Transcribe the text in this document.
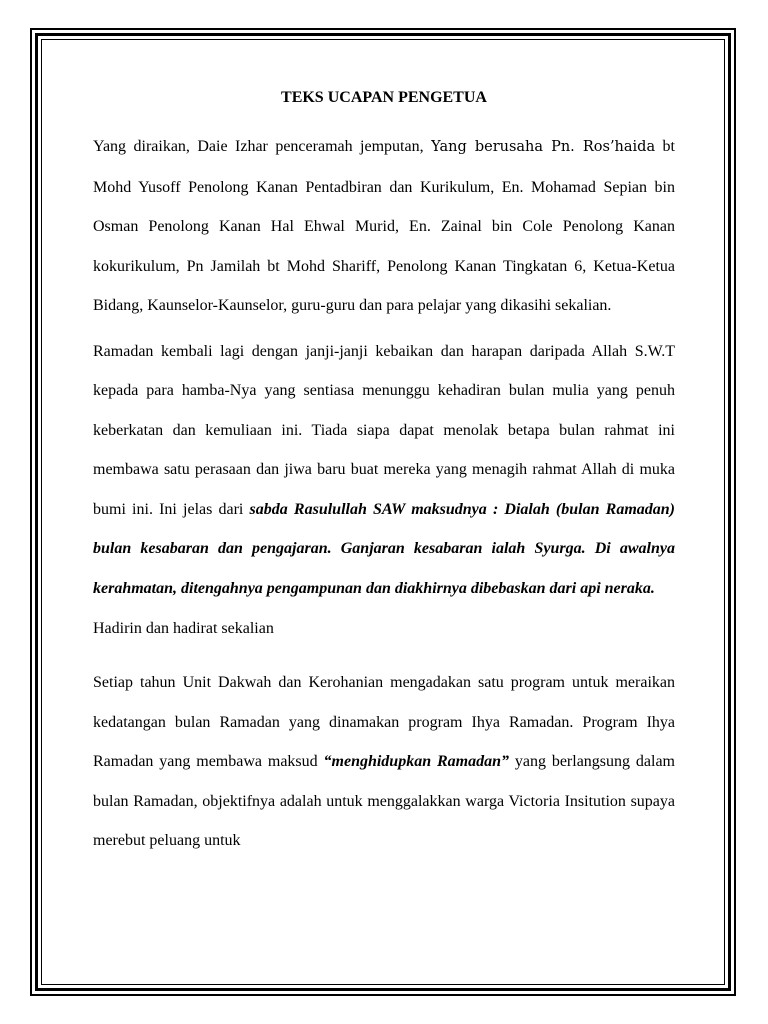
TEKS UCAPAN PENGETUA

Yang diraikan, Daie Izhar penceramah jemputan, Yang berusaha Pn. Ros’haida bt Mohd Yusoff Penolong Kanan Pentadbiran dan Kurikulum, En. Mohamad Sepian bin Osman Penolong Kanan Hal Ehwal Murid, En. Zainal bin Cole Penolong Kanan kokurikulum, Pn Jamilah bt Mohd Shariff, Penolong Kanan Tingkatan 6, Ketua-Ketua Bidang, Kaunselor-Kaunselor, guru-guru dan para pelajar yang dikasihi sekalian.

Ramadan kembali lagi dengan janji-janji kebaikan dan harapan daripada Allah S.W.T kepada para hamba-Nya yang sentiasa menunggu kehadiran bulan mulia yang penuh keberkatan dan kemuliaan ini. Tiada siapa dapat menolak betapa bulan rahmat ini membawa satu perasaan dan jiwa baru buat mereka yang menagih rahmat Allah di muka bumi ini. Ini jelas dari sabda Rasulullah SAW maksudnya : Dialah (bulan Ramadan) bulan kesabaran dan pengajaran. Ganjaran kesabaran ialah Syurga. Di awalnya kerahmatan, ditengahnya pengampunan dan diakhirnya dibebaskan dari api neraka.

Hadirin dan hadirat sekalian

Setiap tahun Unit Dakwah dan Kerohanian mengadakan satu program untuk meraikan kedatangan bulan Ramadan yang dinamakan program Ihya Ramadan. Program Ihya Ramadan yang membawa maksud “menghidupkan Ramadan” yang berlangsung dalam bulan Ramadan, objektifnya adalah untuk menggalakkan warga Victoria Insitution supaya merebut peluang untuk
